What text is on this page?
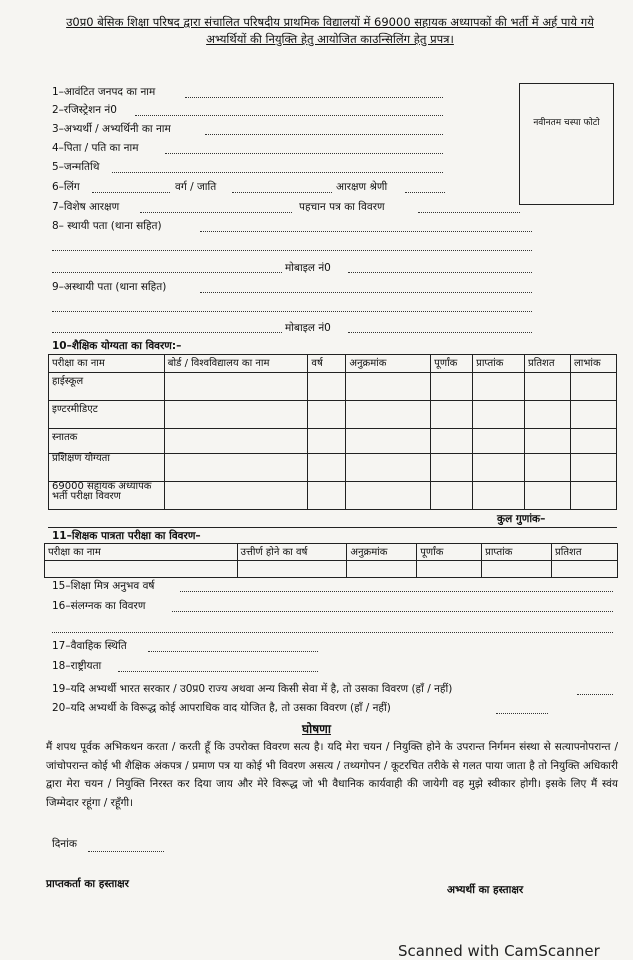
उ0प्र0 बेसिक शिक्षा परिषद द्वारा संचालित परिषदीय प्राथमिक विद्यालयों में 69000 सहायक अध्यापकों की भर्ती में अर्ह पाये गये अभ्यर्थियों की नियुक्ति हेतु आयोजित काउन्सिलिंग हेतु प्रपत्र।
नवीनतम चस्पा फोटो
1–आवंटित जनपद का नाम
2–रजिस्ट्रेशन नं0
3–अभ्यर्थी / अभ्यर्थिनी का नाम
4–पिता / पति का नाम
5–जन्मतिथि
6–लिंग	वर्ग / जाति	आरक्षण श्रेणी
7–विशेष आरक्षण	पहचान पत्र का विवरण
8– स्थायी पता (थाना सहित)
मोबाइल नं0
9–अस्थायी पता (थाना सहित)
मोबाइल नं0
10–शैक्षिक योग्यता का विवरण:–
परीक्षा का नाम	बोर्ड / विश्वविद्यालय का नाम	वर्ष	अनुक्रमांक	पूर्णांक	प्राप्तांक	प्रतिशत	लाभांक
हाईस्कूल							
इण्टरमीडिएट							
स्नातक							
प्रशिक्षण योग्यता							
69000 सहायक अध्यापक भर्ती परीक्षा विवरण							
कुल गुणांक–
11–शिक्षक पात्रता परीक्षा का विवरण–
परीक्षा का नाम	उत्तीर्ण होने का वर्ष	अनुक्रमांक	पूर्णांक	प्राप्तांक	प्रतिशत

15–शिक्षा मित्र अनुभव वर्ष
16–संलग्नक का विवरण
17–वैवाहिक स्थिति
18–राष्ट्रीयता
19–यदि अभ्यर्थी भारत सरकार / उ0प्र0 राज्य अथवा अन्य किसी सेवा में है, तो उसका विवरण (हाँ / नहीं)
20–यदि अभ्यर्थी के विरूद्ध कोई आपराधिक वाद योजित है, तो उसका विवरण (हाँ / नहीं)
घोषणा
मैं शपथ पूर्वक अभिकथन करता / करती हूँ कि उपरोक्त विवरण सत्य है। यदि मेरा चयन / नियुक्ति होने के उपरान्त निर्गमन संस्था से सत्यापनोपरान्त / जांचोपरान्त कोई भी शैक्षिक अंकपत्र / प्रमाण पत्र या कोई भी विवरण असत्य / तथ्यगोपन / कूटरचित तरीके से गलत पाया जाता है तो नियुक्ति अधिकारी द्वारा मेरा चयन / नियुक्ति निरस्त कर दिया जाय और मेरे विरूद्ध जो भी वैधानिक कार्यवाही की जायेगी वह मुझे स्वीकार होगी। इसके लिए मैं स्वंय जिम्मेदार रहूंगा / रहूँगी।
दिनांक
प्राप्तकर्ता का हस्ताक्षर	अभ्यर्थी का हस्ताक्षर
Scanned with CamScanner
